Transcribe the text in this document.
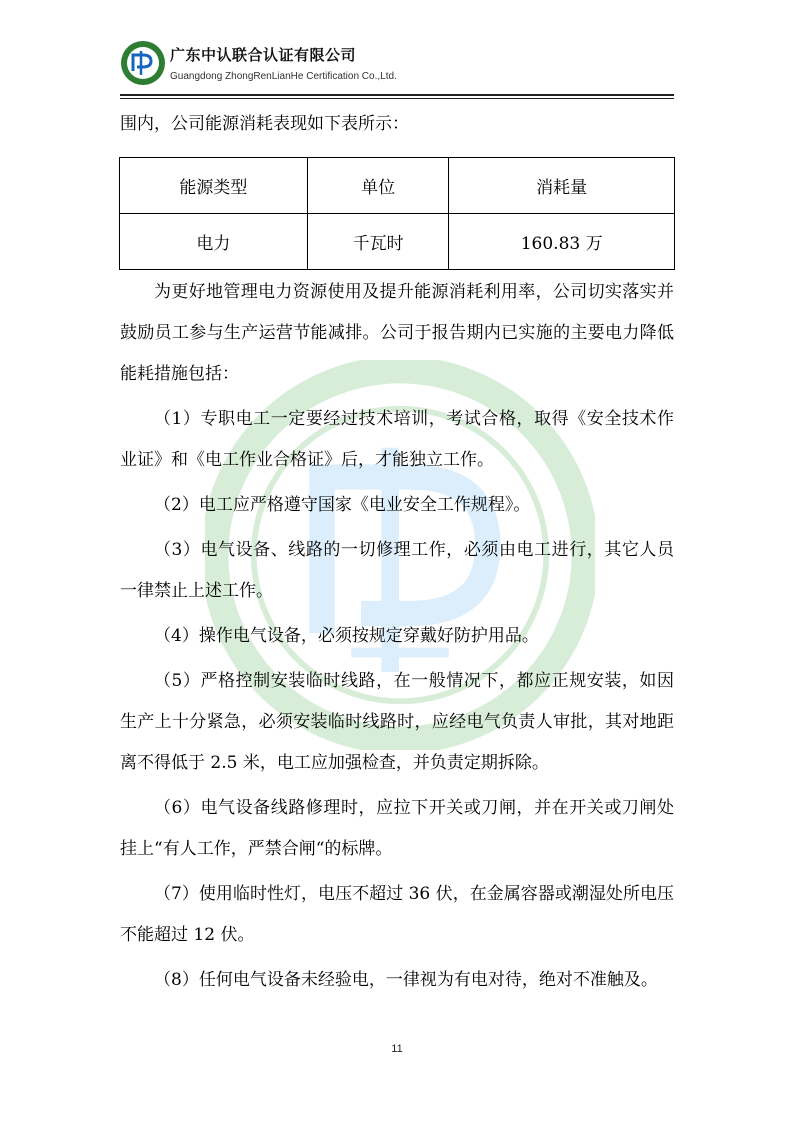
广东中认联合认证有限公司
Guangdong ZhongRenLianHe Certification Co.,Ltd.

围内，公司能源消耗表现如下表所示：

能源类型	单位	消耗量
电力	千瓦时	160.83 万

为更好地管理电力资源使用及提升能源消耗利用率，公司切实落实并鼓励员工参与生产运营节能减排。公司于报告期内已实施的主要电力降低能耗措施包括：

（1）专职电工一定要经过技术培训，考试合格，取得《安全技术作业证》和《电工作业合格证》后，才能独立工作。

（2）电工应严格遵守国家《电业安全工作规程》。

（3）电气设备、线路的一切修理工作，必须由电工进行，其它人员一律禁止上述工作。

（4）操作电气设备，必须按规定穿戴好防护用品。

（5）严格控制安装临时线路，在一般情况下，都应正规安装，如因生产上十分紧急，必须安装临时线路时，应经电气负责人审批，其对地距离不得低于 2.5 米，电工应加强检查，并负责定期拆除。

（6）电气设备线路修理时，应拉下开关或刀闸，并在开关或刀闸处挂上“有人工作，严禁合闸“的标牌。

（7）使用临时性灯，电压不超过 36 伏，在金属容器或潮湿处所电压不能超过 12 伏。

（8）任何电气设备未经验电，一律视为有电对待，绝对不准触及。

11
